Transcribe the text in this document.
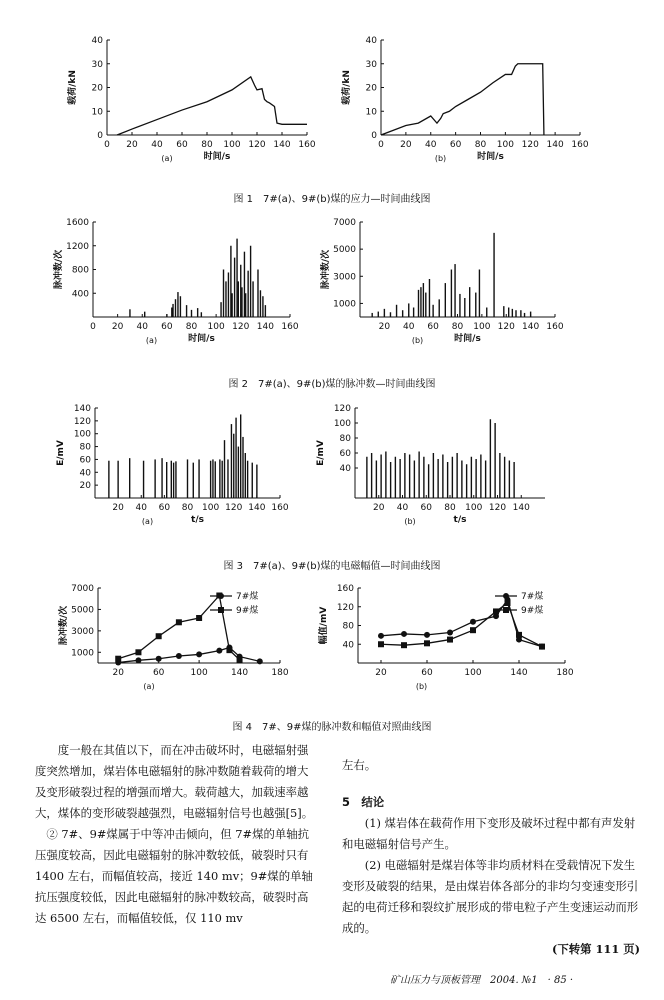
0 20 40 60 80 100 120 140 160
0
10
20
30
40
载荷/kN
时间/s
(a)
0 20 40 60 80 100 120 140 160
0
10
20
30
40
载荷/kN
时间/s
(b)
图 1　7#(a)、9#(b)煤的应力—时间曲线图
0 20 40 60 80 100 120 140 160
400
800
1200
1600
脉冲数/次
时间/s
(a)
20 40 60 80 100 120 140 160
1000
3000
5000
7000
脉冲数/次
时间/s
(b)
图 2　7#(a)、9#(b)煤的脉冲数—时间曲线图
20 40 60 80 100 120 140 160
20
40
60
80
100
120
140
E/mV
t/s
(a)
20 40 60 80 100 120 140
40
60
80
100
120
E/mV
t/s
(b)
图 3　7#(a)、9#(b)煤的电磁幅值—时间曲线图
20	60	100	140	180
1000
3000
5000
7000
脉冲数/次
(a)
7#煤
9#煤
20	60	100	140	180
40
80
120
160
幅值/mV
(b)
7#煤
9#煤
图 4　7#、9#煤的脉冲数和幅值对照曲线图

度一般在其值以下，而在冲击破坏时，电磁辐射强度突然增加，煤岩体电磁辐射的脉冲数随着载荷的增大及变形破裂过程的增强而增大。载荷越大，加载速率越大，煤体的变形破裂越强烈，电磁辐射信号也越强[5]。

② 7#、9#煤属于中等冲击倾向，但 7#煤的单轴抗压强度较高，因此电磁辐射的脉冲数较低，破裂时只有 1400 左右，而幅值较高，接近 140 mv；9#煤的单轴抗压强度较低，因此电磁辐射的脉冲数较高，破裂时高达 6500 左右，而幅值较低，仅 110 mv

左右。

5　结论

(1) 煤岩体在载荷作用下变形及破坏过程中都有声发射和电磁辐射信号产生。

(2) 电磁辐射是煤岩体等非均质材料在受载情况下发生变形及破裂的结果，是由煤岩体各部分的非均匀变速变形引起的电荷迁移和裂纹扩展形成的带电粒子产生变速运动而形成的。

(下转第 111 页)

矿山压力与顶板管理　2004. №1　· 85 ·
